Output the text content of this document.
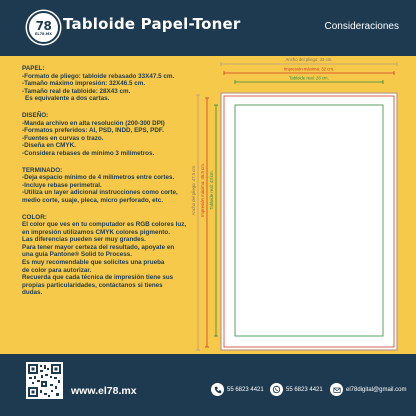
78
EL78.MX
Tabloide Papel-Toner	Consideraciones

PAPEL:

-Formato de pliego: tabloide rebasado 33X47.5 cm.

-Tamaño máximo impresión: 32X46.5 cm.

-Tamaño real de tabloide: 28X43 cm.

Es equivalente a dos cartas.

DISEÑO:

-Manda archivo en alta resolución (200-300 DPI)

-Formatos preferidos: AI, PSD, INDD, EPS, PDF.

-Fuentes en curvas o trazo.

-Diseña en CMYK.

-Considera rebases de mínimo 3 milímetros.

TERMINADO:

-Deja espacio mínimo de 4 milímetros entre cortes.

-Incluye rebase perimetral.

-Utiliza un layer adicional instrucciones como corte,

medio corte, suaje, pleca, micro perforado, etc.

COLOR:

El color que ves en tu computador es RGB colores luz,

en impresión utilizamos CMYK colores pigmento.

Las diferencias pueden ser muy grandes.

Para tener mayor certeza del resultado, apoyate en

una guía Pantone® Solid to Process.

Es muy recomendable que solicites una prueba

de color para autorizar.

Recuerda que cada técnica de impresión tiene sus

propias particularidades, contáctanos si tienes

dudas.

Ancho del pliego: 33 cm.
Impresión máxima: 32 cm.
Tabloide real: 28 cm.
Ancho del pliego: 47.5 cm. Impresión máxima: 46.5 cm. Tabloide real: 43 cm.
www.el78.mx	55 6823 4421	55 6823 4421	el78digital@gmail.com
